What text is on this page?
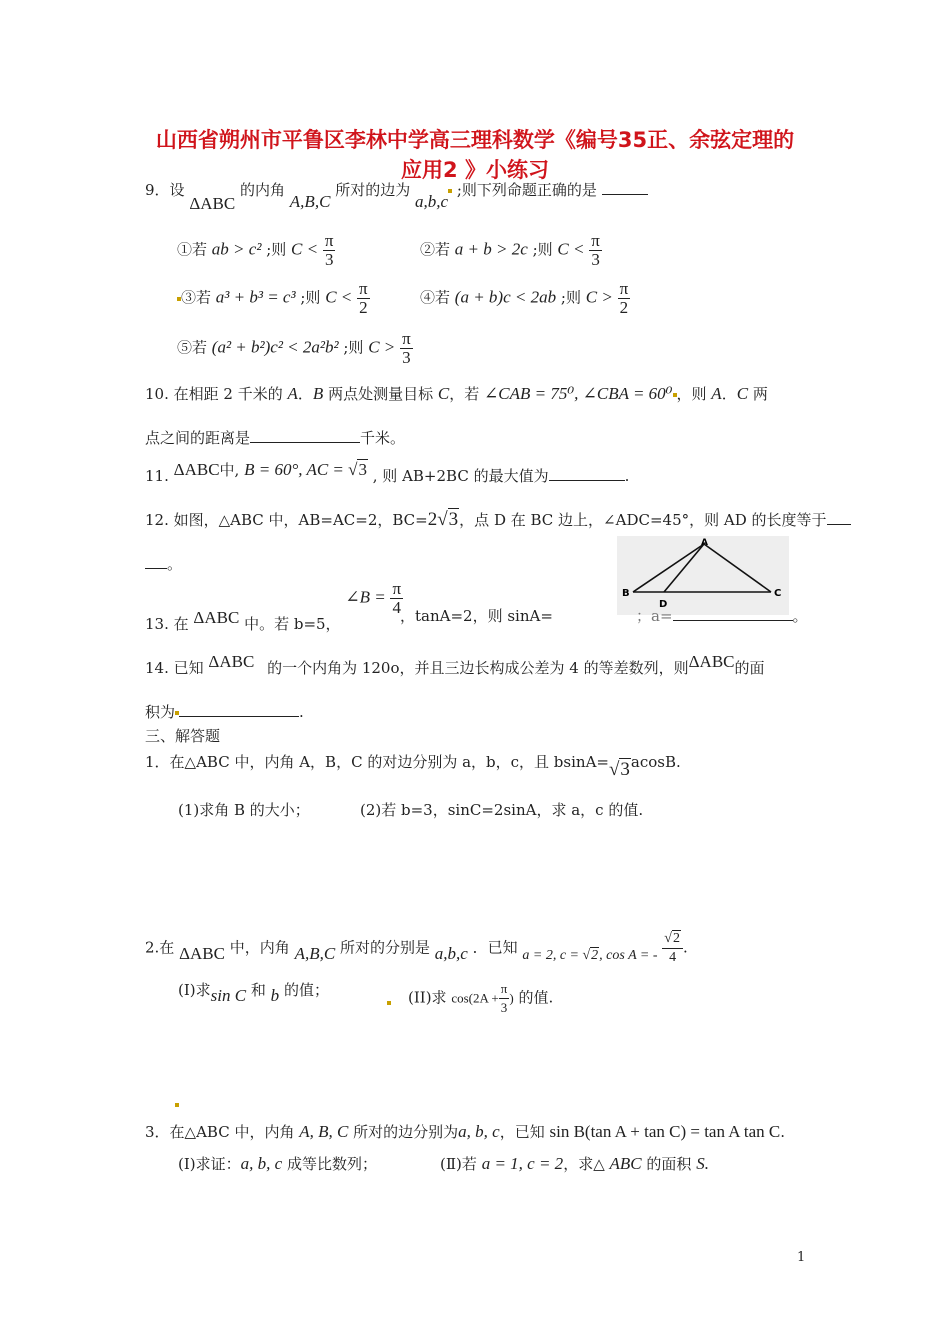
山西省朔州市平鲁区李林中学高三理科数学《编号35正、余弦定理的
应用2 》小练习
9．设 ΔABC 的内角 A,B,C 所对的边为 a,b,c ;则下列命题正确的是
①若 ab > c² ;则 $C < \frac{\pi}{3}$	②若 a + b > 2c ;则 $C < \frac{\pi}{3}$
③若 a³ + b³ = c³ ;则 $C < \frac{\pi}{2}$	④若 (a + b)c < 2ab ;则 $C > \frac{\pi}{2}$
⑤若 (a² + b²)c² < 2a²b² ;则 $C > \frac{\pi}{3}$
10. 在相距 2 千米的 A．B 两点处测量目标 C，若 ∠CAB = 75⁰, ∠CBA = 60⁰ ，则 A．C 两
点之间的距离是	千米。
11. ΔABC中, B = 60°, AC = √3 , 则 AB+2BC 的最大值为	.
12. 如图，△ABC 中，AB=AC=2，BC=2√3，点 D 在 BC 边上，∠ADC=45°，则 AD 的长度等于
。
A
B	C
D
13. 在 ΔABC 中。若 b=5， ∠B = $\frac{\pi}{4}$
，tanA=2，则 sinA=	；a=	。
14. 已知 ΔABC 的一个内角为 120o，并且三边长构成公差为 4 的等差数列，则ΔABC的面
积为	.
三、解答题
1．在△ABC 中，内角 A，B，C 的对边分别为 a，b，c，且 bsinA=√3acosB.
(1)求角 B 的大小；	(2)若 b=3，sinC=2sinA，求 a，c 的值.
2.在 ΔABC 中，内角 A,B,C 所对的分别是 a,b,c ．已知 a = 2, c = √2, cos A = - $\frac{√2}{4}$ .
(I)求sin C 和 b 的值；	(II)求 $\cos(2A + \frac{\pi}{3}$ ) 的值.
3．在△ABC 中，内角 A, B, C 所对的边分别为a, b, c，已知 sin B(tan A + tan C) = tan A tan C.
(Ⅰ)求证：a, b, c 成等比数列；	(Ⅱ)若 a = 1, c = 2，求△ ABC 的面积 S.
1
